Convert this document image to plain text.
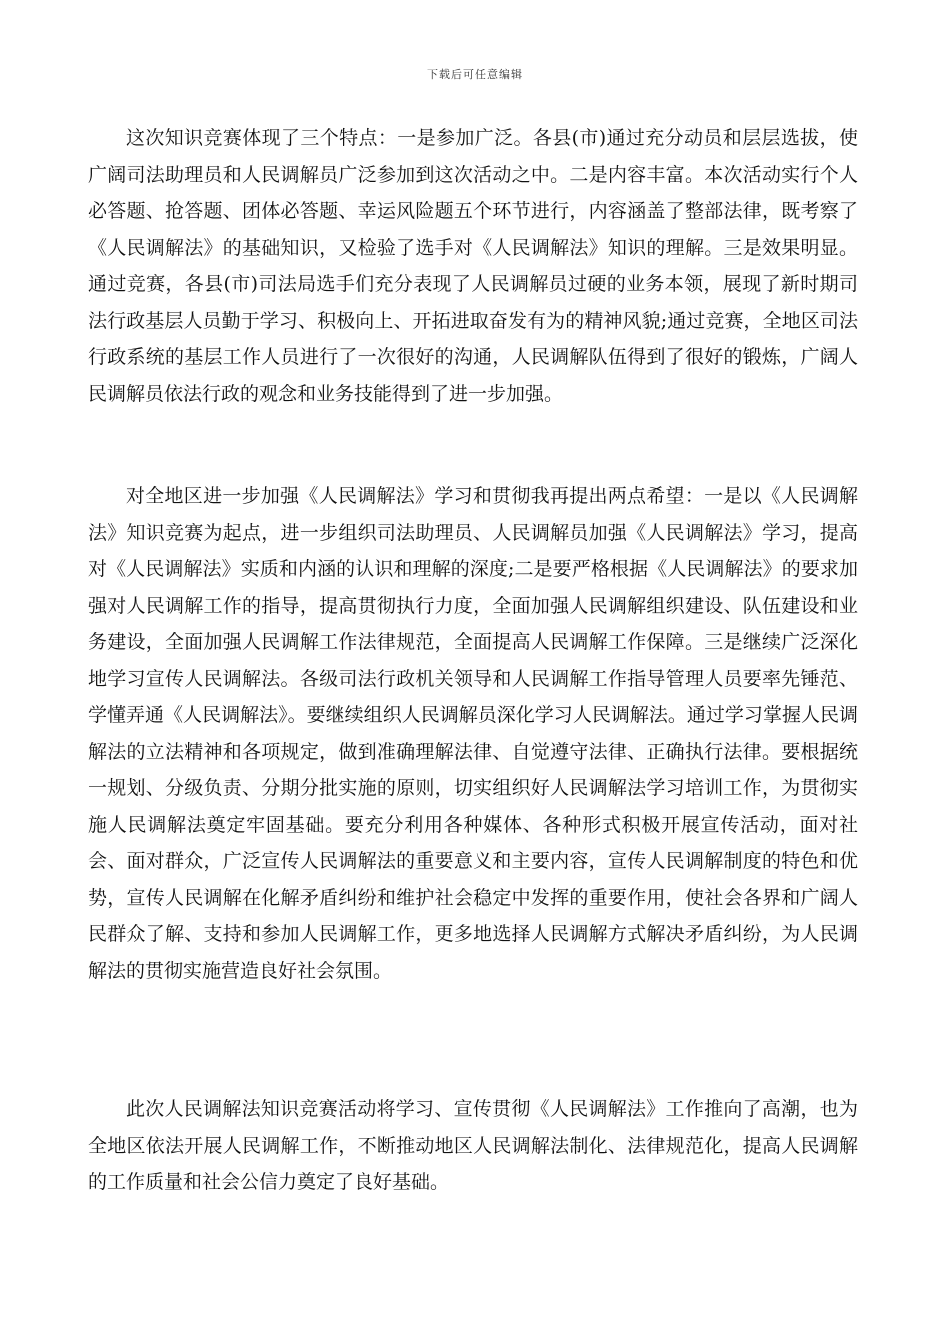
下载后可任意编辑

这次知识竞赛体现了三个特点：一是参加广泛。各县(市)通过充分动员和层层选拔，使广阔司法助理员和人民调解员广泛参加到这次活动之中。二是内容丰富。本次活动实行个人必答题、抢答题、团体必答题、幸运风险题五个环节进行，内容涵盖了整部法律，既考察了《人民调解法》的基础知识，又检验了选手对《人民调解法》知识的理解。三是效果明显。通过竞赛，各县(市)司法局选手们充分表现了人民调解员过硬的业务本领，展现了新时期司法行政基层人员勤于学习、积极向上、开拓进取奋发有为的精神风貌;通过竞赛，全地区司法行政系统的基层工作人员进行了一次很好的沟通，人民调解队伍得到了很好的锻炼，广阔人民调解员依法行政的观念和业务技能得到了进一步加强。

对全地区进一步加强《人民调解法》学习和贯彻我再提出两点希望：一是以《人民调解法》知识竞赛为起点，进一步组织司法助理员、人民调解员加强《人民调解法》学习，提高对《人民调解法》实质和内涵的认识和理解的深度;二是要严格根据《人民调解法》的要求加强对人民调解工作的指导，提高贯彻执行力度，全面加强人民调解组织建设、队伍建设和业务建设，全面加强人民调解工作法律规范，全面提高人民调解工作保障。三是继续广泛深化地学习宣传人民调解法。各级司法行政机关领导和人民调解工作指导管理人员要率先锤范、学懂弄通《人民调解法》。要继续组织人民调解员深化学习人民调解法。通过学习掌握人民调解法的立法精神和各项规定，做到准确理解法律、自觉遵守法律、正确执行法律。要根据统一规划、分级负责、分期分批实施的原则，切实组织好人民调解法学习培训工作，为贯彻实施人民调解法奠定牢固基础。要充分利用各种媒体、各种形式积极开展宣传活动，面对社会、面对群众，广泛宣传人民调解法的重要意义和主要内容，宣传人民调解制度的特色和优势，宣传人民调解在化解矛盾纠纷和维护社会稳定中发挥的重要作用，使社会各界和广阔人民群众了解、支持和参加人民调解工作，更多地选择人民调解方式解决矛盾纠纷，为人民调解法的贯彻实施营造良好社会氛围。

此次人民调解法知识竞赛活动将学习、宣传贯彻《人民调解法》工作推向了高潮，也为全地区依法开展人民调解工作，不断推动地区人民调解法制化、法律规范化，提高人民调解的工作质量和社会公信力奠定了良好基础。
